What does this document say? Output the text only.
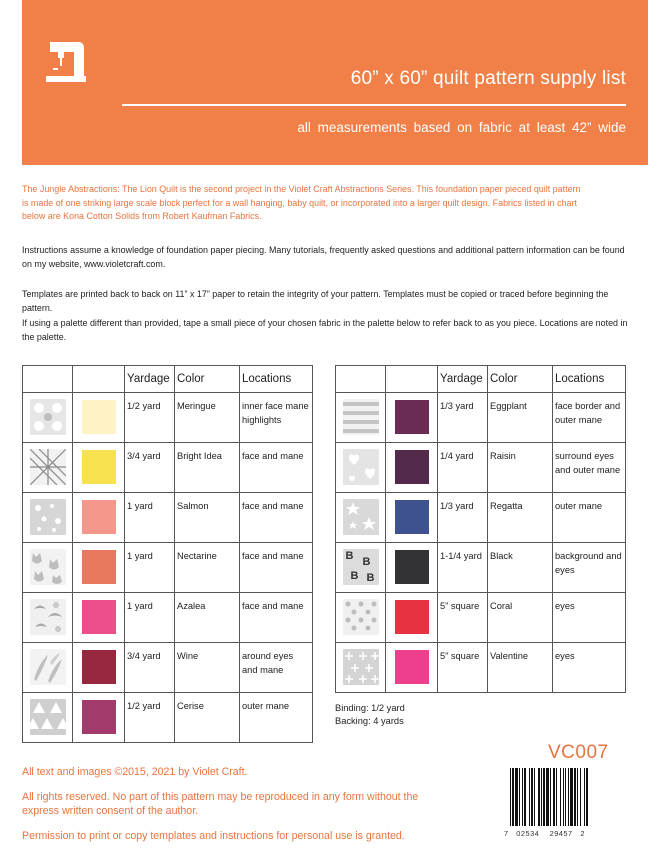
60” x 60” quilt pattern supply list
all measurements based on fabric at least 42” wide
The Jungle Abstractions: The Lion Quilt is the second project in the Violet Craft Abstractions Series. This foundation paper pieced quilt pattern is made of one striking large scale block perfect for a wall hanging, baby quilt, or incorporated into a larger quilt design. Fabrics listed in chart below are Kona Cotton Solids from Robert Kaufman Fabrics.
Instructions assume a knowledge of foundation paper piecing. Many tutorials, frequently asked questions and additional pattern information can be found on my website, www.violetcraft.com.
Templates are printed back to back on 11” x 17” paper to retain the integrity of your pattern. Templates must be copied or traced before beginning the pattern.
If using a palette different than provided, tape a small piece of your chosen fabric in the palette below to refer back to as you piece. Locations are noted in the palette.

		Yardage	Color	Locations

1/2 yard	Meringue	inner face mane highlights

3/4 yard	Bright Idea	face and mane

1 yard	Salmon	face and mane

1 yard	Nectarine	face and mane

1 yard	Azalea	face and mane

3/4 yard	Wine	around eyes and mane

1/2 yard	Cerise	outer mane

		Yardage	Color	Locations

1/3 yard	Eggplant	face border and outer mane

1/4 yard	Raisin	surround eyes and outer mane

1/3 yard	Regatta	outer mane

B B
B B		1-1/4 yard	Black	background and eyes

5” square	Coral	eyes

5” square	Valentine	eyes
Binding: 1/2 yard
Backing: 4 yards
VC007
All text and images ©2015, 2021 by Violet Craft.
All rights reserved. No part of this pattern may be reproduced in any form without the express written consent of the author.
Permission to print or copy templates and instructions for personal use is granted.	7 02534 29457 2
